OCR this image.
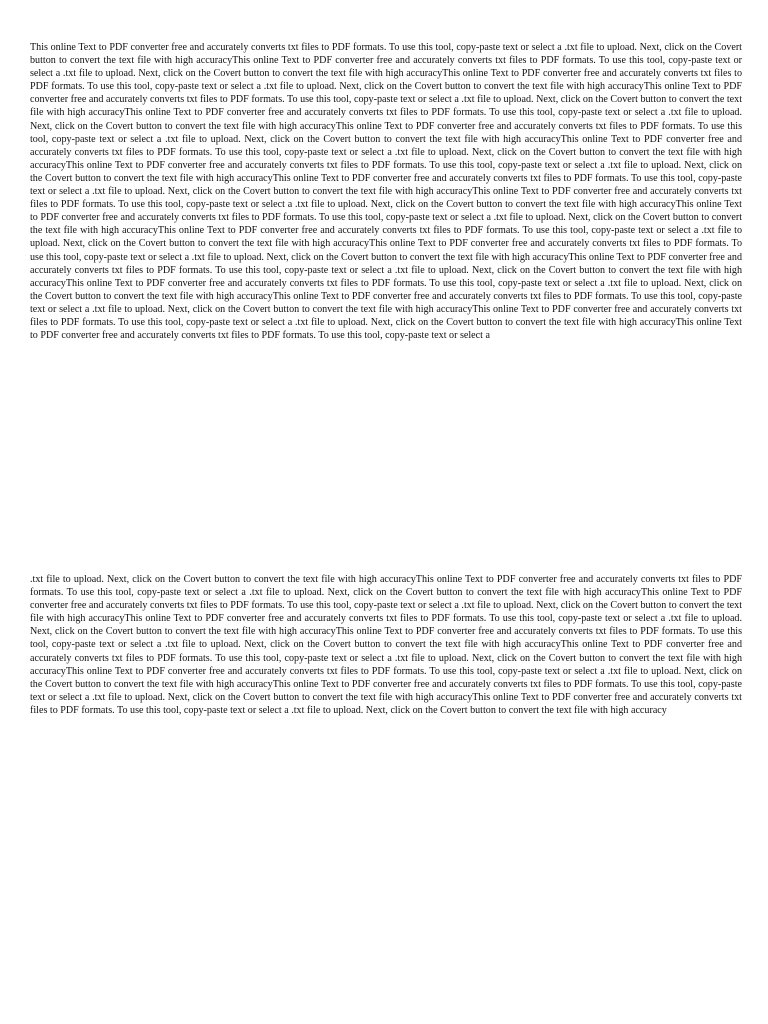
This online Text to PDF converter free and accurately converts txt files to PDF formats. To use this tool, copy-paste text or select a .txt file to upload. Next, click on the Covert button to convert the text file with high accuracyThis online Text to PDF converter free and accurately converts txt files to PDF formats. To use this tool, copy-paste text or select a .txt file to upload. Next, click on the Covert button to convert the text file with high accuracyThis online Text to PDF converter free and accurately converts txt files to PDF formats. To use this tool, copy-paste text or select a .txt file to upload. Next, click on the Covert button to convert the text file with high accuracyThis online Text to PDF converter free and accurately converts txt files to PDF formats. To use this tool, copy-paste text or select a .txt file to upload. Next, click on the Covert button to convert the text file with high accuracyThis online Text to PDF converter free and accurately converts txt files to PDF formats. To use this tool, copy-paste text or select a .txt file to upload. Next, click on the Covert button to convert the text file with high accuracyThis online Text to PDF converter free and accurately converts txt files to PDF formats. To use this tool, copy-paste text or select a .txt file to upload. Next, click on the Covert button to convert the text file with high accuracyThis online Text to PDF converter free and accurately converts txt files to PDF formats. To use this tool, copy-paste text or select a .txt file to upload. Next, click on the Covert button to convert the text file with high accuracyThis online Text to PDF converter free and accurately converts txt files to PDF formats. To use this tool, copy-paste text or select a .txt file to upload. Next, click on the Covert button to convert the text file with high accuracyThis online Text to PDF converter free and accurately converts txt files to PDF formats. To use this tool, copy-paste text or select a .txt file to upload. Next, click on the Covert button to convert the text file with high accuracyThis online Text to PDF converter free and accurately converts txt files to PDF formats. To use this tool, copy-paste text or select a .txt file to upload. Next, click on the Covert button to convert the text file with high accuracyThis online Text to PDF converter free and accurately converts txt files to PDF formats. To use this tool, copy-paste text or select a .txt file to upload. Next, click on the Covert button to convert the text file with high accuracyThis online Text to PDF converter free and accurately converts txt files to PDF formats. To use this tool, copy-paste text or select a .txt file to upload. Next, click on the Covert button to convert the text file with high accuracyThis online Text to PDF converter free and accurately converts txt files to PDF formats. To use this tool, copy-paste text or select a .txt file to upload. Next, click on the Covert button to convert the text file with high accuracyThis online Text to PDF converter free and accurately converts txt files to PDF formats. To use this tool, copy-paste text or select a .txt file to upload. Next, click on the Covert button to convert the text file with high accuracyThis online Text to PDF converter free and accurately converts txt files to PDF formats. To use this tool, copy-paste text or select a .txt file to upload. Next, click on the Covert button to convert the text file with high accuracyThis online Text to PDF converter free and accurately converts txt files to PDF formats. To use this tool, copy-paste text or select a .txt file to upload. Next, click on the Covert button to convert the text file with high accuracyThis online Text to PDF converter free and accurately converts txt files to PDF formats. To use this tool, copy-paste text or select a .txt file to upload. Next, click on the Covert button to convert the text file with high accuracyThis online Text to PDF converter free and accurately converts txt files to PDF formats. To use this tool, copy-paste text or select a

.txt file to upload. Next, click on the Covert button to convert the text file with high accuracyThis online Text to PDF converter free and accurately converts txt files to PDF formats. To use this tool, copy-paste text or select a .txt file to upload. Next, click on the Covert button to convert the text file with high accuracyThis online Text to PDF converter free and accurately converts txt files to PDF formats. To use this tool, copy-paste text or select a .txt file to upload. Next, click on the Covert button to convert the text file with high accuracyThis online Text to PDF converter free and accurately converts txt files to PDF formats. To use this tool, copy-paste text or select a .txt file to upload. Next, click on the Covert button to convert the text file with high accuracyThis online Text to PDF converter free and accurately converts txt files to PDF formats. To use this tool, copy-paste text or select a .txt file to upload. Next, click on the Covert button to convert the text file with high accuracyThis online Text to PDF converter free and accurately converts txt files to PDF formats. To use this tool, copy-paste text or select a .txt file to upload. Next, click on the Covert button to convert the text file with high accuracyThis online Text to PDF converter free and accurately converts txt files to PDF formats. To use this tool, copy-paste text or select a .txt file to upload. Next, click on the Covert button to convert the text file with high accuracyThis online Text to PDF converter free and accurately converts txt files to PDF formats. To use this tool, copy-paste text or select a .txt file to upload. Next, click on the Covert button to convert the text file with high accuracyThis online Text to PDF converter free and accurately converts txt files to PDF formats. To use this tool, copy-paste text or select a .txt file to upload. Next, click on the Covert button to convert the text file with high accuracy
